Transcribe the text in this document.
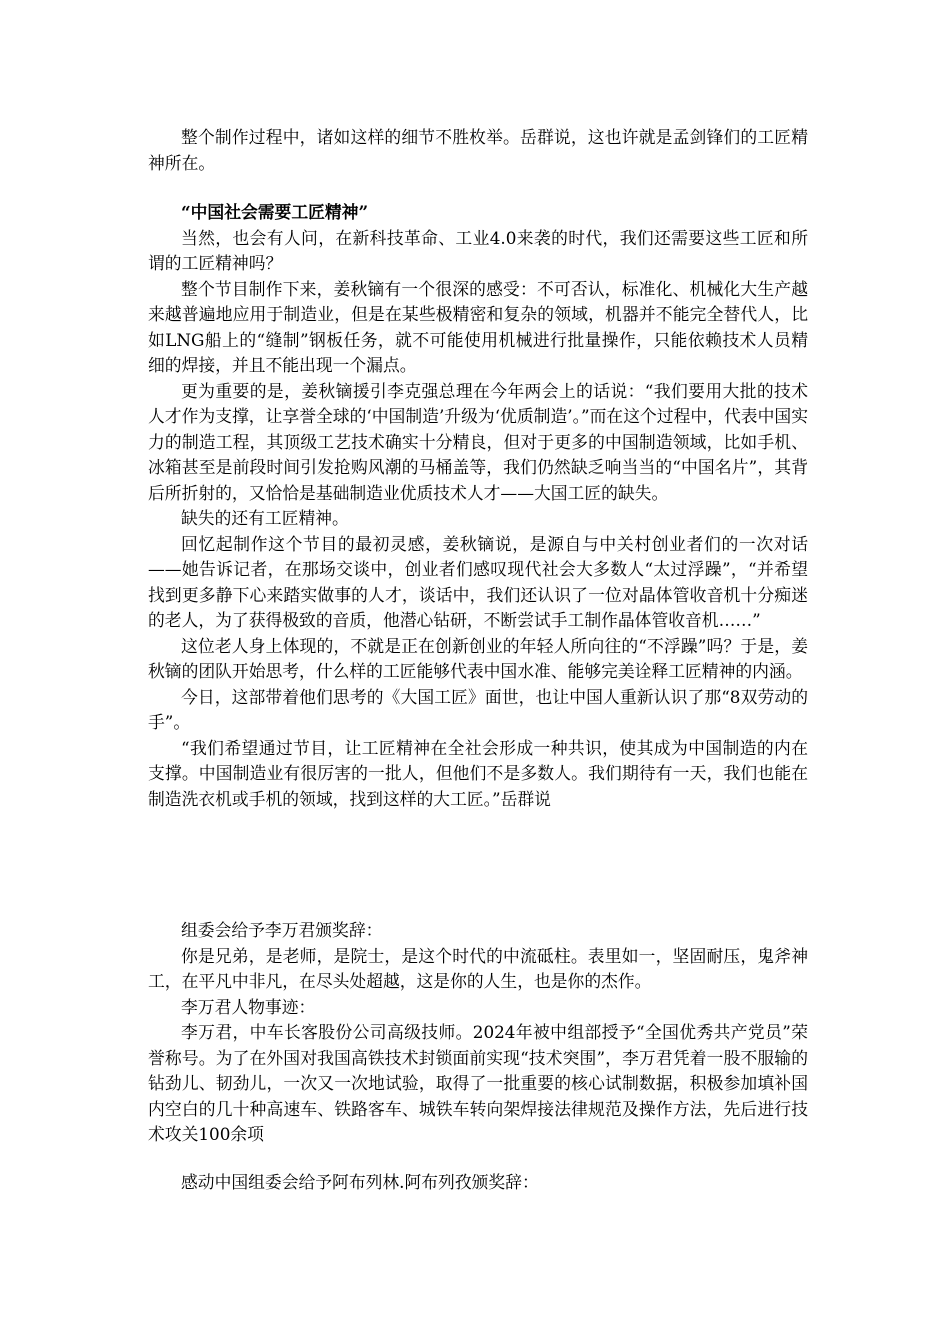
整个制作过程中，诸如这样的细节不胜枚举。岳群说，这也许就是孟剑锋们的工匠精神所在。

“中国社会需要工匠精神”

当然，也会有人问，在新科技革命、工业4.0来袭的时代，我们还需要这些工匠和所谓的工匠精神吗？

整个节目制作下来，姜秋镝有一个很深的感受：不可否认，标准化、机械化大生产越来越普遍地应用于制造业，但是在某些极精密和复杂的领域，机器并不能完全替代人，比如LNG船上的“缝制”钢板任务，就不可能使用机械进行批量操作，只能依赖技术人员精细的焊接，并且不能出现一个漏点。

更为重要的是，姜秋镝援引李克强总理在今年两会上的话说：“我们要用大批的技术人才作为支撑，让享誉全球的‘中国制造’升级为‘优质制造’。”而在这个过程中，代表中国实力的制造工程，其顶级工艺技术确实十分精良，但对于更多的中国制造领域，比如手机、冰箱甚至是前段时间引发抢购风潮的马桶盖等，我们仍然缺乏响当当的“中国名片”，其背后所折射的，又恰恰是基础制造业优质技术人才——大国工匠的缺失。

缺失的还有工匠精神。

回忆起制作这个节目的最初灵感，姜秋镝说，是源自与中关村创业者们的一次对话——她告诉记者，在那场交谈中，创业者们感叹现代社会大多数人“太过浮躁”，“并希望找到更多静下心来踏实做事的人才，谈话中，我们还认识了一位对晶体管收音机十分痴迷的老人，为了获得极致的音质，他潜心钻研，不断尝试手工制作晶体管收音机……”

这位老人身上体现的，不就是正在创新创业的年轻人所向往的“不浮躁”吗？于是，姜秋镝的团队开始思考，什么样的工匠能够代表中国水准、能够完美诠释工匠精神的内涵。

今日，这部带着他们思考的《大国工匠》面世，也让中国人重新认识了那“8双劳动的手”。

“我们希望通过节目，让工匠精神在全社会形成一种共识，使其成为中国制造的内在支撑。中国制造业有很厉害的一批人，但他们不是多数人。我们期待有一天，我们也能在制造洗衣机或手机的领域，找到这样的大工匠。”岳群说

组委会给予李万君颁奖辞：

你是兄弟，是老师，是院士，是这个时代的中流砥柱。表里如一，坚固耐压，鬼斧神工，在平凡中非凡，在尽头处超越，这是你的人生，也是你的杰作。

李万君人物事迹：

李万君，中车长客股份公司高级技师。2024年被中组部授予“全国优秀共产党员”荣誉称号。为了在外国对我国高铁技术封锁面前实现“技术突围”，李万君凭着一股不服输的钻劲儿、韧劲儿，一次又一次地试验，取得了一批重要的核心试制数据，积极参加填补国内空白的几十种高速车、铁路客车、城铁车转向架焊接法律规范及操作方法，先后进行技术攻关100余项

感动中国组委会给予阿布列林.阿布列孜颁奖辞：
